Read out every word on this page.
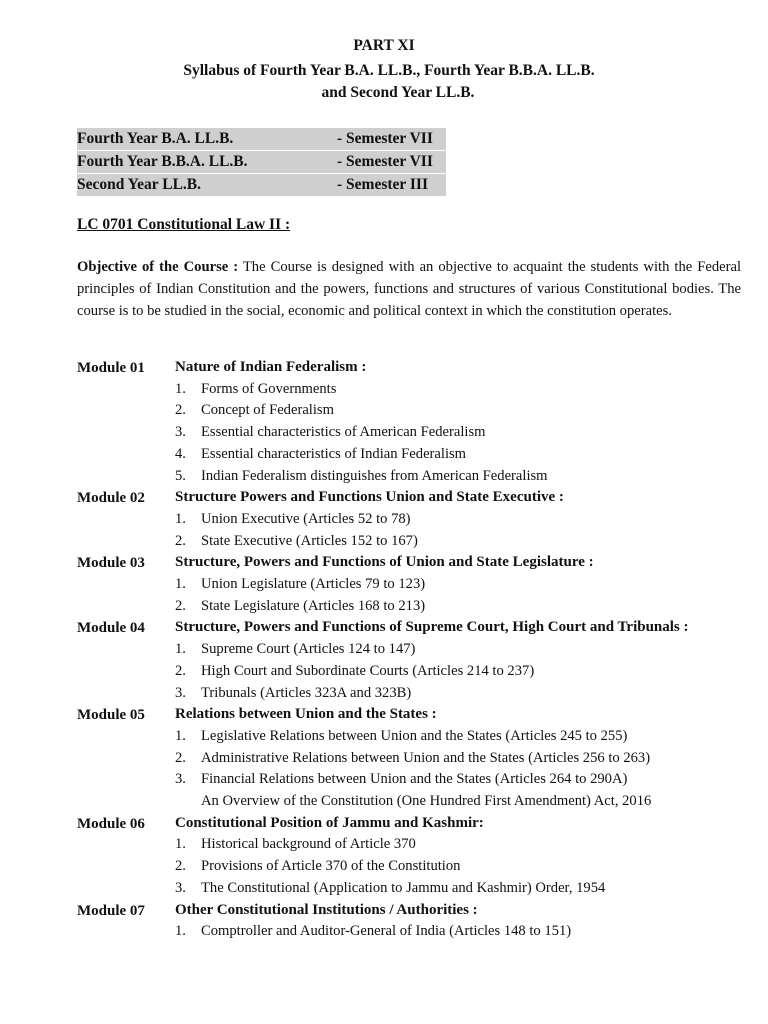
PART XI
Syllabus of Fourth Year B.A. LL.B., Fourth Year B.B.A. LL.B.
and Second Year LL.B.
Fourth Year B.A. LL.B.	- Semester VII
Fourth Year B.B.A. LL.B.	- Semester VII
Second Year LL.B.	- Semester III
LC 0701 Constitutional Law II :
Objective of the Course : The Course is designed with an objective to acquaint the students with the Federal principles of Indian Constitution and the powers, functions and structures of various Constitutional bodies. The course is to be studied in the social, economic and political context in which the constitution operates.
Module 01	Nature of Indian Federalism :
1.	Forms of Governments
2.	Concept of Federalism
3.	Essential characteristics of American Federalism
4.	Essential characteristics of Indian Federalism
5.	Indian Federalism distinguishes from American Federalism
Module 02	Structure Powers and Functions Union and State Executive :
1.	Union Executive (Articles 52 to 78)
2.	State Executive (Articles 152 to 167)
Module 03	Structure, Powers and Functions of Union and State Legislature :
1.	Union Legislature (Articles 79 to 123)
2.	State Legislature (Articles 168 to 213)
Module 04	Structure, Powers and Functions of Supreme Court, High Court and Tribunals :
1.	Supreme Court (Articles 124 to 147)
2.	High Court and Subordinate Courts (Articles 214 to 237)
3.	Tribunals (Articles 323A and 323B)
Module 05	Relations between Union and the States :
1.	Legislative Relations between Union and the States (Articles 245 to 255)
2.	Administrative Relations between Union and the States (Articles 256 to 263)
3.	Financial Relations between Union and the States (Articles 264 to 290A)
An Overview of the Constitution (One Hundred First Amendment) Act, 2016
Module 06	Constitutional Position of Jammu and Kashmir:
1.	Historical background of Article 370
2.	Provisions of Article 370 of the Constitution
3.	The Constitutional (Application to Jammu and Kashmir) Order, 1954
Module 07	Other Constitutional Institutions / Authorities :
1.	Comptroller and Auditor-General of India (Articles 148 to 151)
